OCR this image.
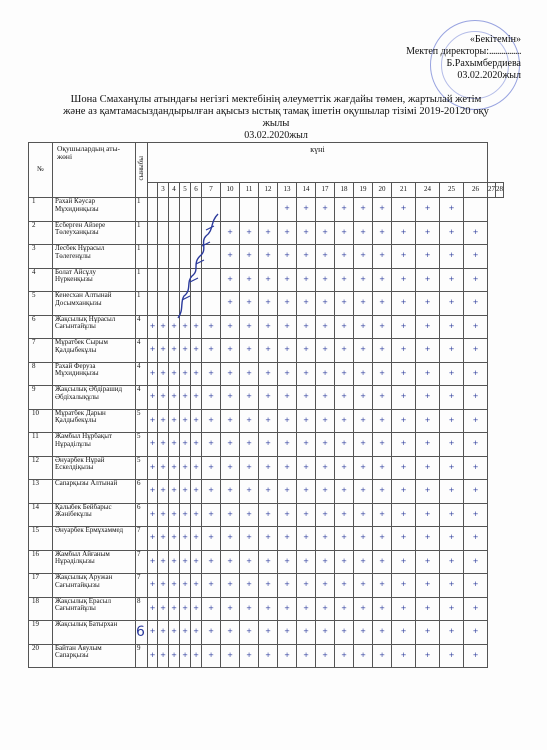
«Бекітемін»
Мектеп директоры:................
Б.Рахымбердиева
03.02.2020жыл
Шона Смаханұлы атындағы негізгі мектебінің әлеуметтік жағдайы төмен, жартылай жетім
және аз қамтамасыздандырылған ақысыз ыстық тамақ ішетін оқушылар тізімі 2019-20120 оқу
жылы
03.02.2020жыл
№	Оқушылардың аты-жөні	сыныбы	күні																				
				3	4	5	6	7	10	11	12	13	14	17	18	19	20	21	24	25	26	27	28
1	Рахай Кәусар Мұхидинқызы	1										+	+	+	+	+	+	+	+	+			
2	Есберген Айзере Төлеуханқызы	1							+	+	+	+	+	+	+	+	+	+	+	+	+		
3	Лесбек Нұрасыл Төлегенұлы	1							+	+	+	+	+	+	+	+	+	+	+	+	+		
4	Болат Айсұлу Нүркенқызы	1							+	+	+	+	+	+	+	+	+	+	+	+	+		
5	Кенесхан Алтынай Досымханқызы	1							+	+	+	+	+	+	+	+	+	+	+	+	+		
6	Жақсылық Нұрасыл Сағынтайұлы	4	+	+	+	+	+	+	+	+	+	+	+	+	+	+	+	+	+	+	+		
7	Мұратбек Сырым Қалдыбекұлы	4	+	+	+	+	+	+	+	+	+	+	+	+	+	+	+	+	+	+	+		
8	Рахай Феруза Мұхидинқызы	4	+	+	+	+	+	+	+	+	+	+	+	+	+	+	+	+	+	+	+		
9	Жақсылық Әбдірашид Әбдіхалықұлы	4	+	+	+	+	+	+	+	+	+	+	+	+	+	+	+	+	+	+	+		
10	Мұратбек Дарын Қалдыбекұлы	5	+	+	+	+	+	+	+	+	+	+	+	+	+	+	+	+	+	+	+		
11	Жамбыл Нұрбақыт Нұраділұлы	5	+	+	+	+	+	+	+	+	+	+	+	+	+	+	+	+	+	+	+		
12	Әнуарбек Нұрай Ескелдіқызы	5	+	+	+	+	+	+	+	+	+	+	+	+	+	+	+	+	+	+	+		
13	Сапарқызы Алтынай	6	+	+	+	+	+	+	+	+	+	+	+	+	+	+	+	+	+	+	+		
14	Қалыбек Бейбарыс Жәнібекұлы	6	+	+	+	+	+	+	+	+	+	+	+	+	+	+	+	+	+	+	+		
15	Әнуарбек Ермұхаммед	7	+	+	+	+	+	+	+	+	+	+	+	+	+	+	+	+	+	+	+		
16	Жамбыл Айғаным Нұрәділқызы	7	+	+	+	+	+	+	+	+	+	+	+	+	+	+	+	+	+	+	+		
17	Жақсылық Аружан Сағынтайқызы	7	+	+	+	+	+	+	+	+	+	+	+	+	+	+	+	+	+	+	+		
18	Жақсылық Ерасыл Сағынтайұлы	8	+	+	+	+	+	+	+	+	+	+	+	+	+	+	+	+	+	+	+		
19	Жақсылық Батырхан		+	+	+	+	+	+	+	+	+	+	+	+	+	+	+	+	+	+	+		
20	Байтан Аяулым Сапарқызы	9	+	+	+	+	+	+	+	+	+	+	+	+	+	+	+	+	+	+	+		
6
